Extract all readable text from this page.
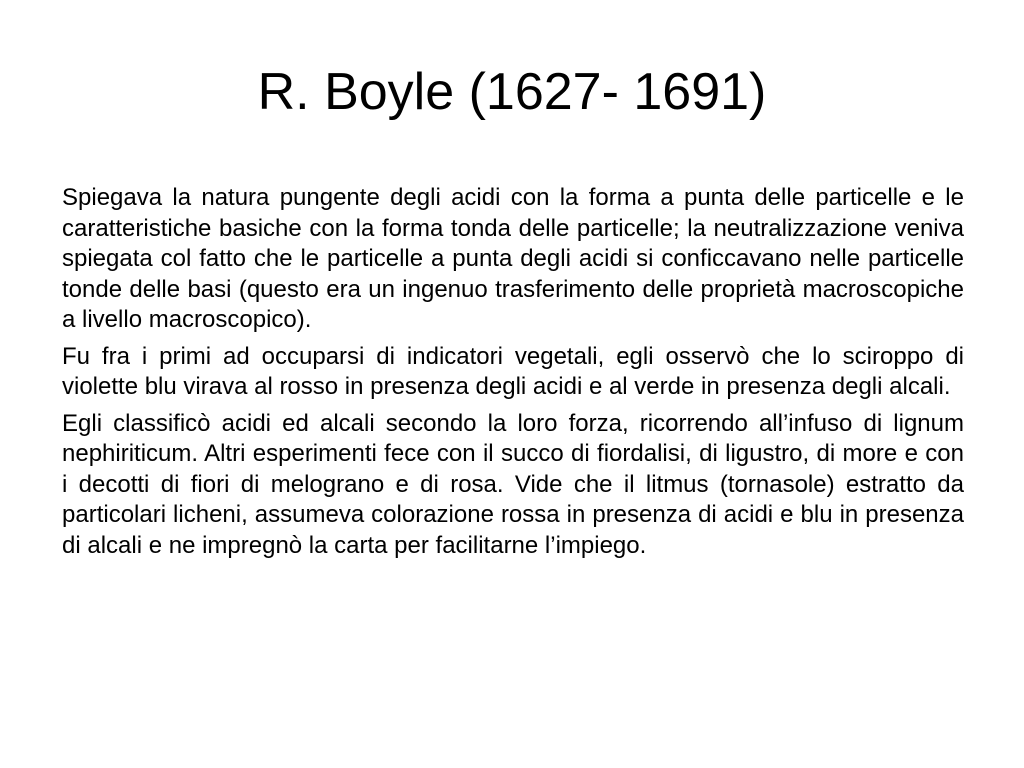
R. Boyle (1627- 1691)

Spiegava la natura pungente degli acidi con la forma a punta delle particelle e le caratteristiche basiche con la forma tonda delle particelle; la neutralizzazione veniva spiegata col fatto che le particelle a punta degli acidi si conficcavano nelle particelle tonde delle basi (questo era un ingenuo trasferimento delle proprietà macroscopiche a livello macroscopico).

Fu fra i primi ad occuparsi di indicatori vegetali, egli osservò che lo sciroppo di violette blu virava al rosso in presenza degli acidi e al verde in presenza degli alcali.

Egli classificò acidi ed alcali secondo la loro forza, ricorrendo all’infuso di lignum nephiriticum. Altri esperimenti fece con il succo di fiordalisi, di ligustro, di more e con i decotti di fiori di melograno e di rosa. Vide che il litmus (tornasole) estratto da particolari licheni, assumeva colorazione rossa in presenza di acidi e blu in presenza di alcali e ne impregnò la carta per facilitarne l’impiego.
